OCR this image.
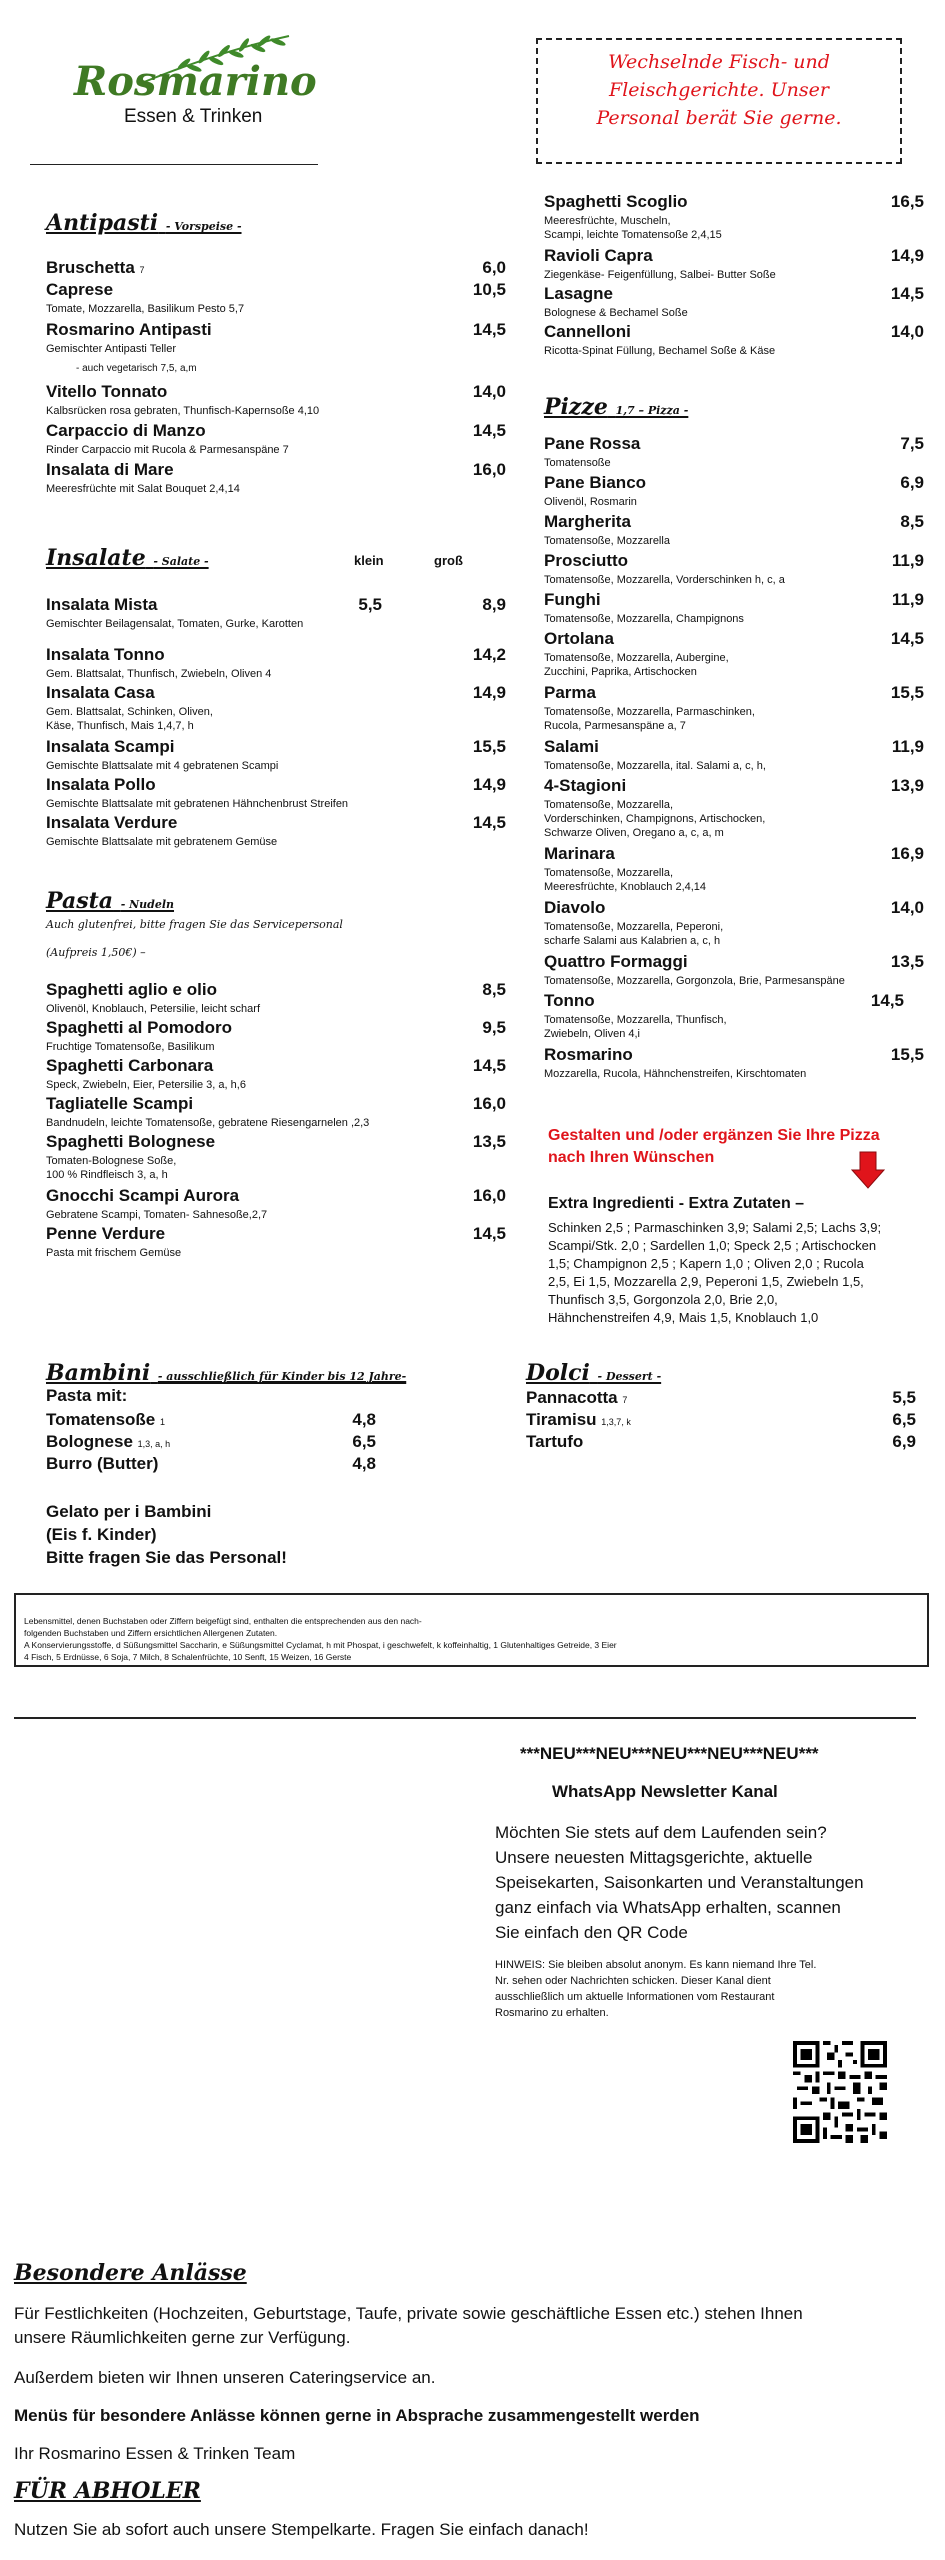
Rosmarino
Essen & Trinken
Wechselnde Fisch- und
Fleischgerichte. Unser
Personal berät Sie gerne.
Antipasti - Vorspeise -
Bruschetta 7	6,0
Caprese	10,5
Tomate, Mozzarella, Basilikum Pesto 5,7
Rosmarino Antipasti	14,5
Gemischter Antipasti Teller
- auch vegetarisch 7,5, a,m
Vitello Tonnato	14,0
Kalbsrücken rosa gebraten, Thunfisch-Kapernsoße 4,10
Carpaccio di Manzo	14,5
Rinder Carpaccio mit Rucola & Parmesanspäne 7
Insalata di Mare	16,0
Meeresfrüchte mit Salat Bouquet 2,4,14
Insalate - Salate -	klein	groß
Insalata Mista	5,5	8,9
Gemischter Beilagensalat, Tomaten, Gurke, Karotten
Insalata Tonno	14,2
Gem. Blattsalat, Thunfisch, Zwiebeln, Oliven 4
Insalata Casa	14,9
Gem. Blattsalat, Schinken, Oliven,
Käse, Thunfisch, Mais 1,4,7, h
Insalata Scampi	15,5
Gemischte Blattsalate mit 4 gebratenen Scampi
Insalata Pollo	14,9
Gemischte Blattsalate mit gebratenen Hähnchenbrust Streifen
Insalata Verdure	14,5
Gemischte Blattsalate mit gebratenem Gemüse
Pasta - Nudeln
Auch glutenfrei, bitte fragen Sie das Servicepersonal
(Aufpreis 1,50€) –
Spaghetti aglio e olio	8,5
Olivenöl, Knoblauch, Petersilie, leicht scharf
Spaghetti al Pomodoro	9,5
Fruchtige Tomatensoße, Basilikum
Spaghetti Carbonara	14,5
Speck, Zwiebeln, Eier, Petersilie 3, a, h,6
Tagliatelle Scampi	16,0
Bandnudeln, leichte Tomatensoße, gebratene Riesengarnelen ,2,3
Spaghetti Bolognese	13,5
Tomaten-Bolognese Soße,
100 % Rindfleisch 3, a, h
Gnocchi Scampi Aurora	16,0
Gebratene Scampi, Tomaten- Sahnesoße,2,7
Penne Verdure	14,5
Pasta mit frischem Gemüse
Spaghetti Scoglio	16,5
Meeresfrüchte, Muscheln,
Scampi, leichte Tomatensoße 2,4,15
Ravioli Capra	14,9
Ziegenkäse- Feigenfüllung, Salbei- Butter Soße
Lasagne	14,5
Bolognese & Bechamel Soße
Cannelloni	14,0
Ricotta-Spinat Füllung, Bechamel Soße & Käse
Pizze 1,7 – Pizza -
Pane Rossa	7,5
Tomatensoße
Pane Bianco	6,9
Olivenöl, Rosmarin
Margherita	8,5
Tomatensoße, Mozzarella
Prosciutto	11,9
Tomatensoße, Mozzarella, Vorderschinken h, c, a
Funghi	11,9
Tomatensoße, Mozzarella, Champignons
Ortolana	14,5
Tomatensoße, Mozzarella, Aubergine,
Zucchini, Paprika, Artischocken
Parma	15,5
Tomatensoße, Mozzarella, Parmaschinken,
Rucola, Parmesanspäne a, 7
Salami	11,9
Tomatensoße, Mozzarella, ital. Salami a, c, h,
4-Stagioni	13,9
Tomatensoße, Mozzarella,
Vorderschinken, Champignons, Artischocken,
Schwarze Oliven, Oregano a, c, a, m
Marinara	16,9
Tomatensoße, Mozzarella,
Meeresfrüchte, Knoblauch 2,4,14
Diavolo	14,0
Tomatensoße, Mozzarella, Peperoni,
scharfe Salami aus Kalabrien a, c, h
Quattro Formaggi	13,5
Tomatensoße, Mozzarella, Gorgonzola, Brie, Parmesanspäne
Tonno	14,5
Tomatensoße, Mozzarella, Thunfisch,
Zwiebeln, Oliven 4,i
Rosmarino	15,5
Mozzarella, Rucola, Hähnchenstreifen, Kirschtomaten
Gestalten und /oder ergänzen Sie Ihre Pizza
nach Ihren Wünschen
Extra Ingredienti - Extra Zutaten –
Schinken 2,5 ; Parmaschinken 3,9; Salami 2,5; Lachs 3,9;
Scampi/Stk. 2,0 ; Sardellen 1,0; Speck 2,5 ; Artischocken
1,5; Champignon 2,5 ; Kapern 1,0 ; Oliven 2,0 ; Rucola
2,5, Ei 1,5, Mozzarella 2,9, Peperoni 1,5, Zwiebeln 1,5,
Thunfisch 3,5, Gorgonzola 2,0, Brie 2,0,
Hähnchenstreifen 4,9, Mais 1,5, Knoblauch 1,0
Bambini - ausschließlich für Kinder bis 12 Jahre-
Pasta mit:
Tomatensoße 1	4,8
Bolognese 1,3, a, h	6,5
Burro (Butter)	4,8
Gelato per i Bambini
(Eis f. Kinder)
Bitte fragen Sie das Personal!
Dolci - Dessert -
Pannacotta 7	5,5
Tiramisu 1,3,7, k	6,5
Tartufo	6,9
Lebensmittel, denen Buchstaben oder Ziffern beigefügt sind, enthalten die entsprechenden aus den nach-
folgenden Buchstaben und Ziffern ersichtlichen Allergenen Zutaten.
A Konservierungsstoffe, d Süßungsmittel Saccharin, e Süßungsmittel Cyclamat, h mit Phospat, i geschwefelt, k koffeinhaltig, 1 Glutenhaltiges Getreide, 3 Eier
4 Fisch, 5 Erdnüsse, 6 Soja, 7 Milch, 8 Schalenfrüchte, 10 Senft, 15 Weizen, 16 Gerste
***NEU***NEU***NEU***NEU***NEU***
WhatsApp Newsletter Kanal
Möchten Sie stets auf dem Laufenden sein?
Unsere neuesten Mittagsgerichte, aktuelle
Speisekarten, Saisonkarten und Veranstaltungen
ganz einfach via WhatsApp erhalten, scannen
Sie einfach den QR Code
HINWEIS: Sie bleiben absolut anonym. Es kann niemand Ihre Tel.
Nr. sehen oder Nachrichten schicken. Dieser Kanal dient
ausschließlich um aktuelle Informationen vom Restaurant
Rosmarino zu erhalten.
Besondere Anlässe

Für Festlichkeiten (Hochzeiten, Geburtstage, Taufe, private sowie geschäftliche Essen etc.) stehen Ihnen

unsere Räumlichkeiten gerne zur Verfügung.

Außerdem bieten wir Ihnen unseren Cateringservice an.

Menüs für besondere Anlässe können gerne in Absprache zusammengestellt werden

Ihr Rosmarino Essen & Trinken Team

FÜR ABHOLER

Nutzen Sie ab sofort auch unsere Stempelkarte. Fragen Sie einfach danach!
